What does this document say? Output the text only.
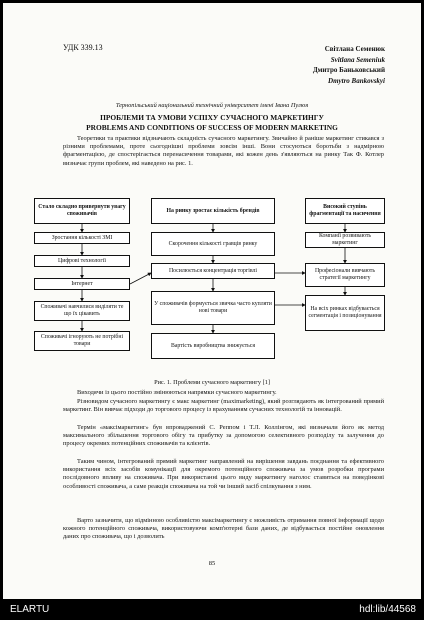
УДК 339.13	Світлана Семенюк
Svitlana Semeniuk
Дмитро Баньковський
Dmytro Bankovskyi
Тернопільський національний технічний університет імені Івана Пулюя
ПРОБЛЕМИ ТА УМОВИ УСПІХУ СУЧАСНОГО МАРКЕТИНГУ
PROBLEMS AND CONDITIONS OF SUCCESS OF MODERN MARKETING
Теоретики та практики відзначають складність сучасного маркетингу. Звичайно й раніше маркетинг стикався з різними проблемами, проте сьогоднішні проблеми зовсім інші. Вони стосуються боротьби з надмірною фрагментацією, де спостерігається перенасичення товарами, які кожен день з'являються на ринку Так Ф. Котлер визначає групи проблем, які наведено на рис. 1.
Стало складно привернути увагу споживачів
Зростання кількості ЗМІ
Цифрові технології
Інтернет
Споживачі навчилися виділяти те що їх цікавить
Споживачі ігнорують не потрібні товари
На ринку зростає кількість брендів
Скорочення кількості гравців ринку
Посилюється концентрація торгівлі
У споживачів формується звичка часто купляти нові товари
Вартість виробництва знижується
Високий ступінь фрагментації та насичення
Компанії розвивають маркетинг
Професіонали вивчають стратегії маркетингу
На всіх ринках відбувається сегментація і позиціонування
Рис. 1. Проблеми сучасного маркетингу [1]
Виходячи із цього постійно змінюються напрямки сучасного маркетингу.
Різновидом сучасного маркетингу є макс маркетинг (maxіmarketing), який розглядають як інтегрований прямий маркетинг. Він вивчає підходи до торгового процесу із врахуванням сучасних технологій та інновацій.
Термін «максімаркетинг» був впроваджений С. Реппом і Т.Л. Коллінгом, які визначали його як метод максимального збільшення торгового обігу та прибутку за допомогою селективного розподілу та залучення до процесу окремих потенційних споживачів та клієнтів.
Таким чином, інтегрований прямий маркетинг направлений на вирішення завдань поєднання та ефективного використання всіх засобів комунікації для окремого потенційного споживача за умов розробки програми послідовного впливу на споживача. При використанні цього виду маркетингу наголос ставиться на поведінкові особливості споживача, а саме реакція споживача на той чи інший засіб спілкування з ним.
Варто зазначити, що відмінною особливістю максімаркетингу є можливість отримання повної інформації щодо кожного потенційного споживача, використовуючи комп'ютерні бази даних, де відбувається постійне оновлення даних про споживача, що і дозволить
85
ELARTU	hdl:lib/44568
